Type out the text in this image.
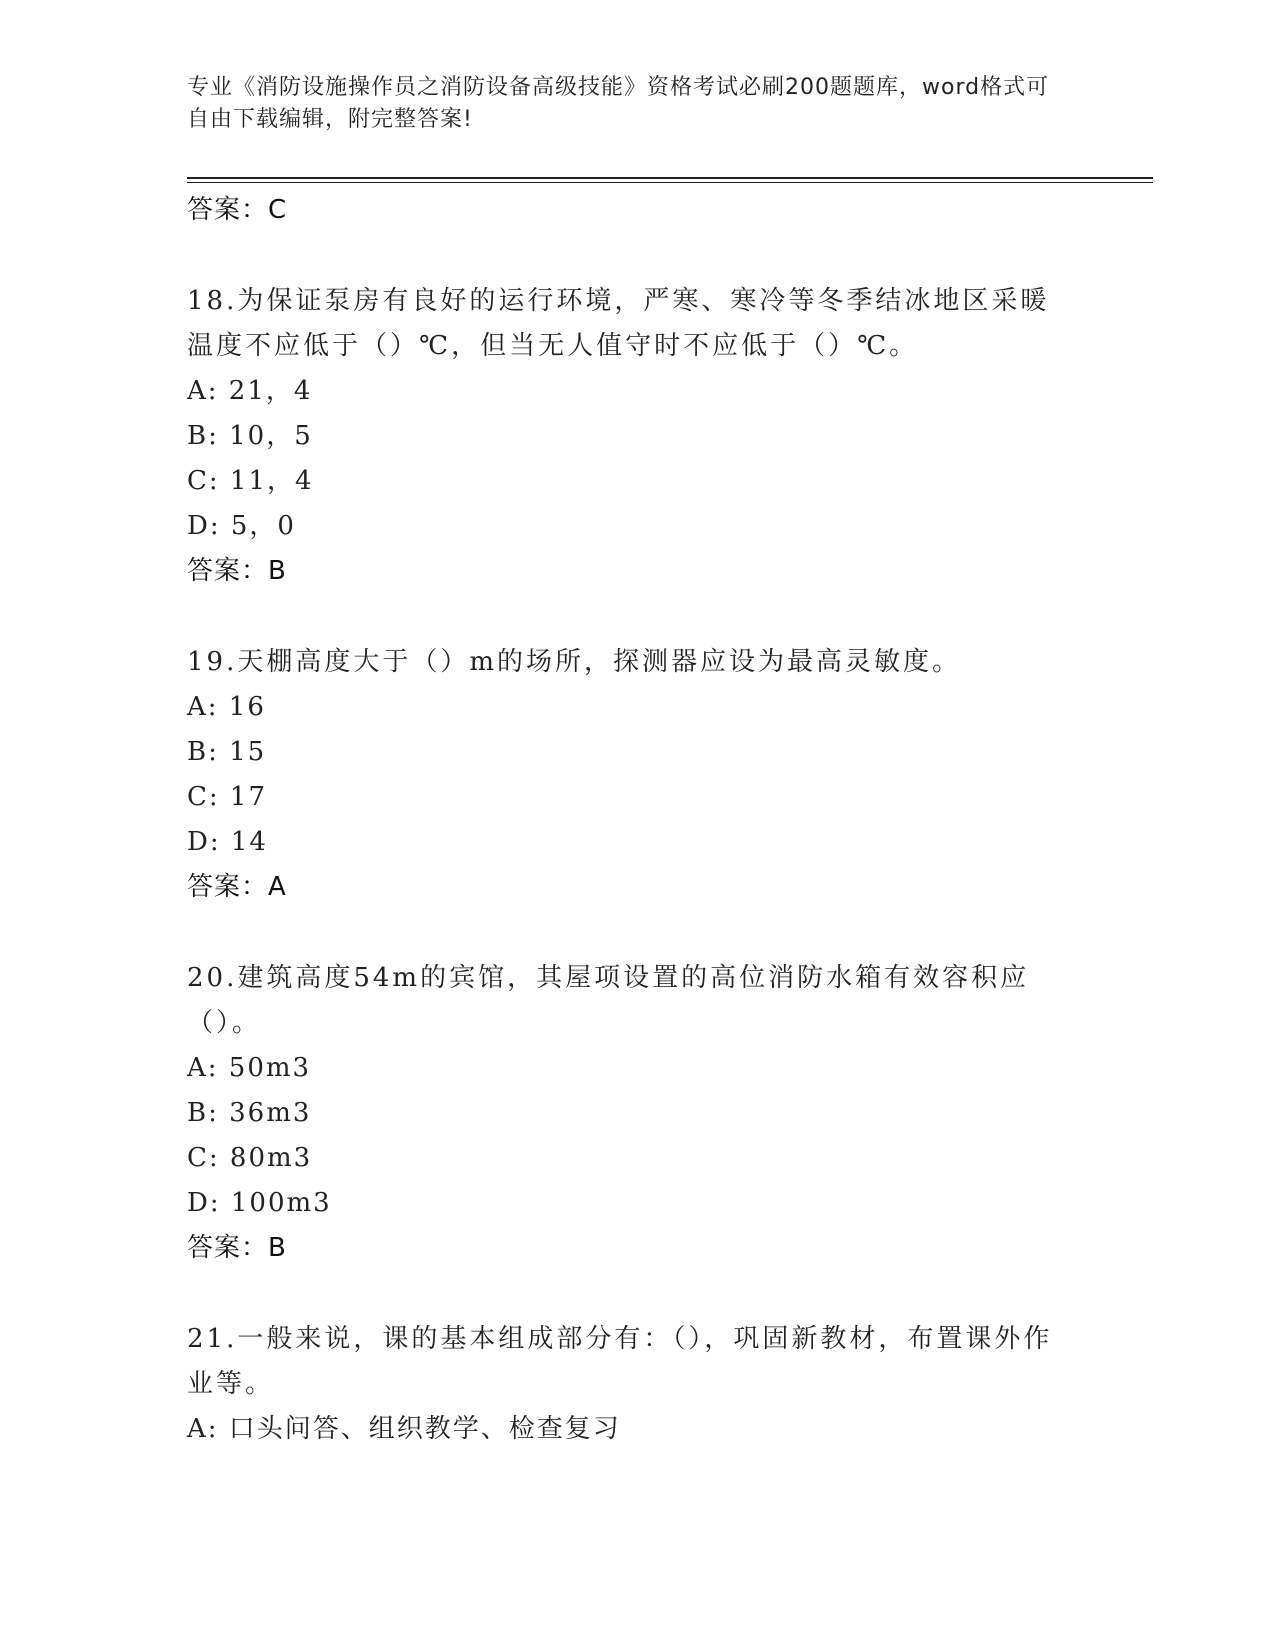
专业《消防设施操作员之消防设备高级技能》资格考试必刷200题题库，word格式可自由下载编辑，附完整答案!
答案：C
18.为保证泵房有良好的运行环境，严寒、寒冷等冬季结冰地区采暖温度不应低于（）℃，但当无人值守时不应低于（）℃。
A: 21，4
B: 10，5
C: 11，4
D: 5，0
答案：B
19.天棚高度大于（）m的场所，探测器应设为最高灵敏度。
A: 16
B: 15
C: 17
D: 14
答案：A
20.建筑高度54m的宾馆，其屋项设置的高位消防水箱有效容积应（）。
A: 50m3
B: 36m3
C: 80m3
D: 100m3
答案：B
21.一般来说，课的基本组成部分有：（），巩固新教材，布置课外作业等。
A: 口头问答、组织教学、检查复习
